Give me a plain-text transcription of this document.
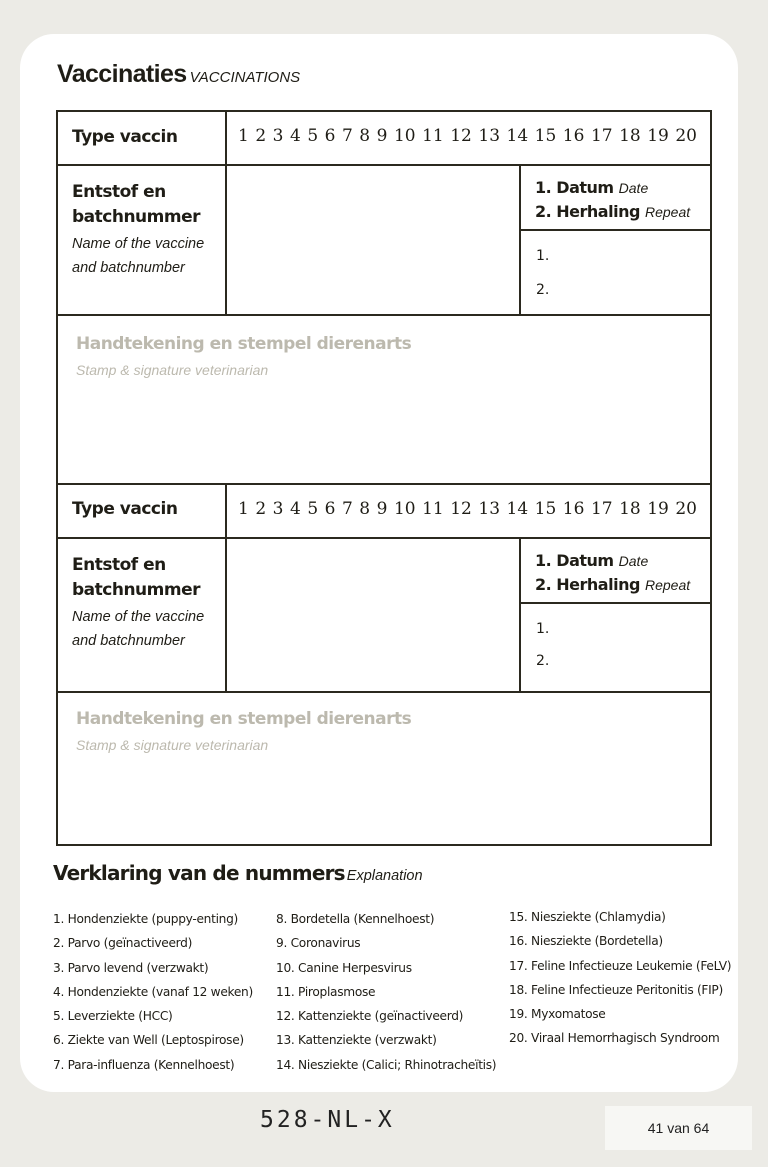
Vaccinaties VACCINATIONS
Type vaccin	1 2 3 4 5 6 7 8 9 10 11 12 13 14 15 16 17 18 19 20
Entstof en batchnummer
Name of the vaccine and batchnumber
1. Datum Date
2. Herhaling Repeat
1.
2.
Handtekening en stempel dierenarts
Stamp & signature veterinarian
Type vaccin	1 2 3 4 5 6 7 8 9 10 11 12 13 14 15 16 17 18 19 20
Entstof en batchnummer
Name of the vaccine and batchnumber
1. Datum Date
2. Herhaling Repeat
1.
2.
Handtekening en stempel dierenarts
Stamp & signature veterinarian
Verklaring van de nummers Explanation
1. Hondenziekte (puppy-enting)
2. Parvo (geïnactiveerd)
3. Parvo levend (verzwakt)
4. Hondenziekte (vanaf 12 weken)
5. Leverziekte (HCC)
6. Ziekte van Well (Leptospirose)
7. Para-influenza (Kennelhoest)
8. Bordetella (Kennelhoest)
9. Coronavirus
10. Canine Herpesvirus
11. Piroplasmose
12. Kattenziekte (geïnactiveerd)
13. Kattenziekte (verzwakt)
14. Niesziekte (Calici; Rhinotracheïtis)
15. Niesziekte (Chlamydia)
16. Niesziekte (Bordetella)
17. Feline Infectieuze Leukemie (FeLV)
18. Feline Infectieuze Peritonitis (FIP)
19. Myxomatose
20. Viraal Hemorrhagisch Syndroom
528-NL-X	41 van 64
